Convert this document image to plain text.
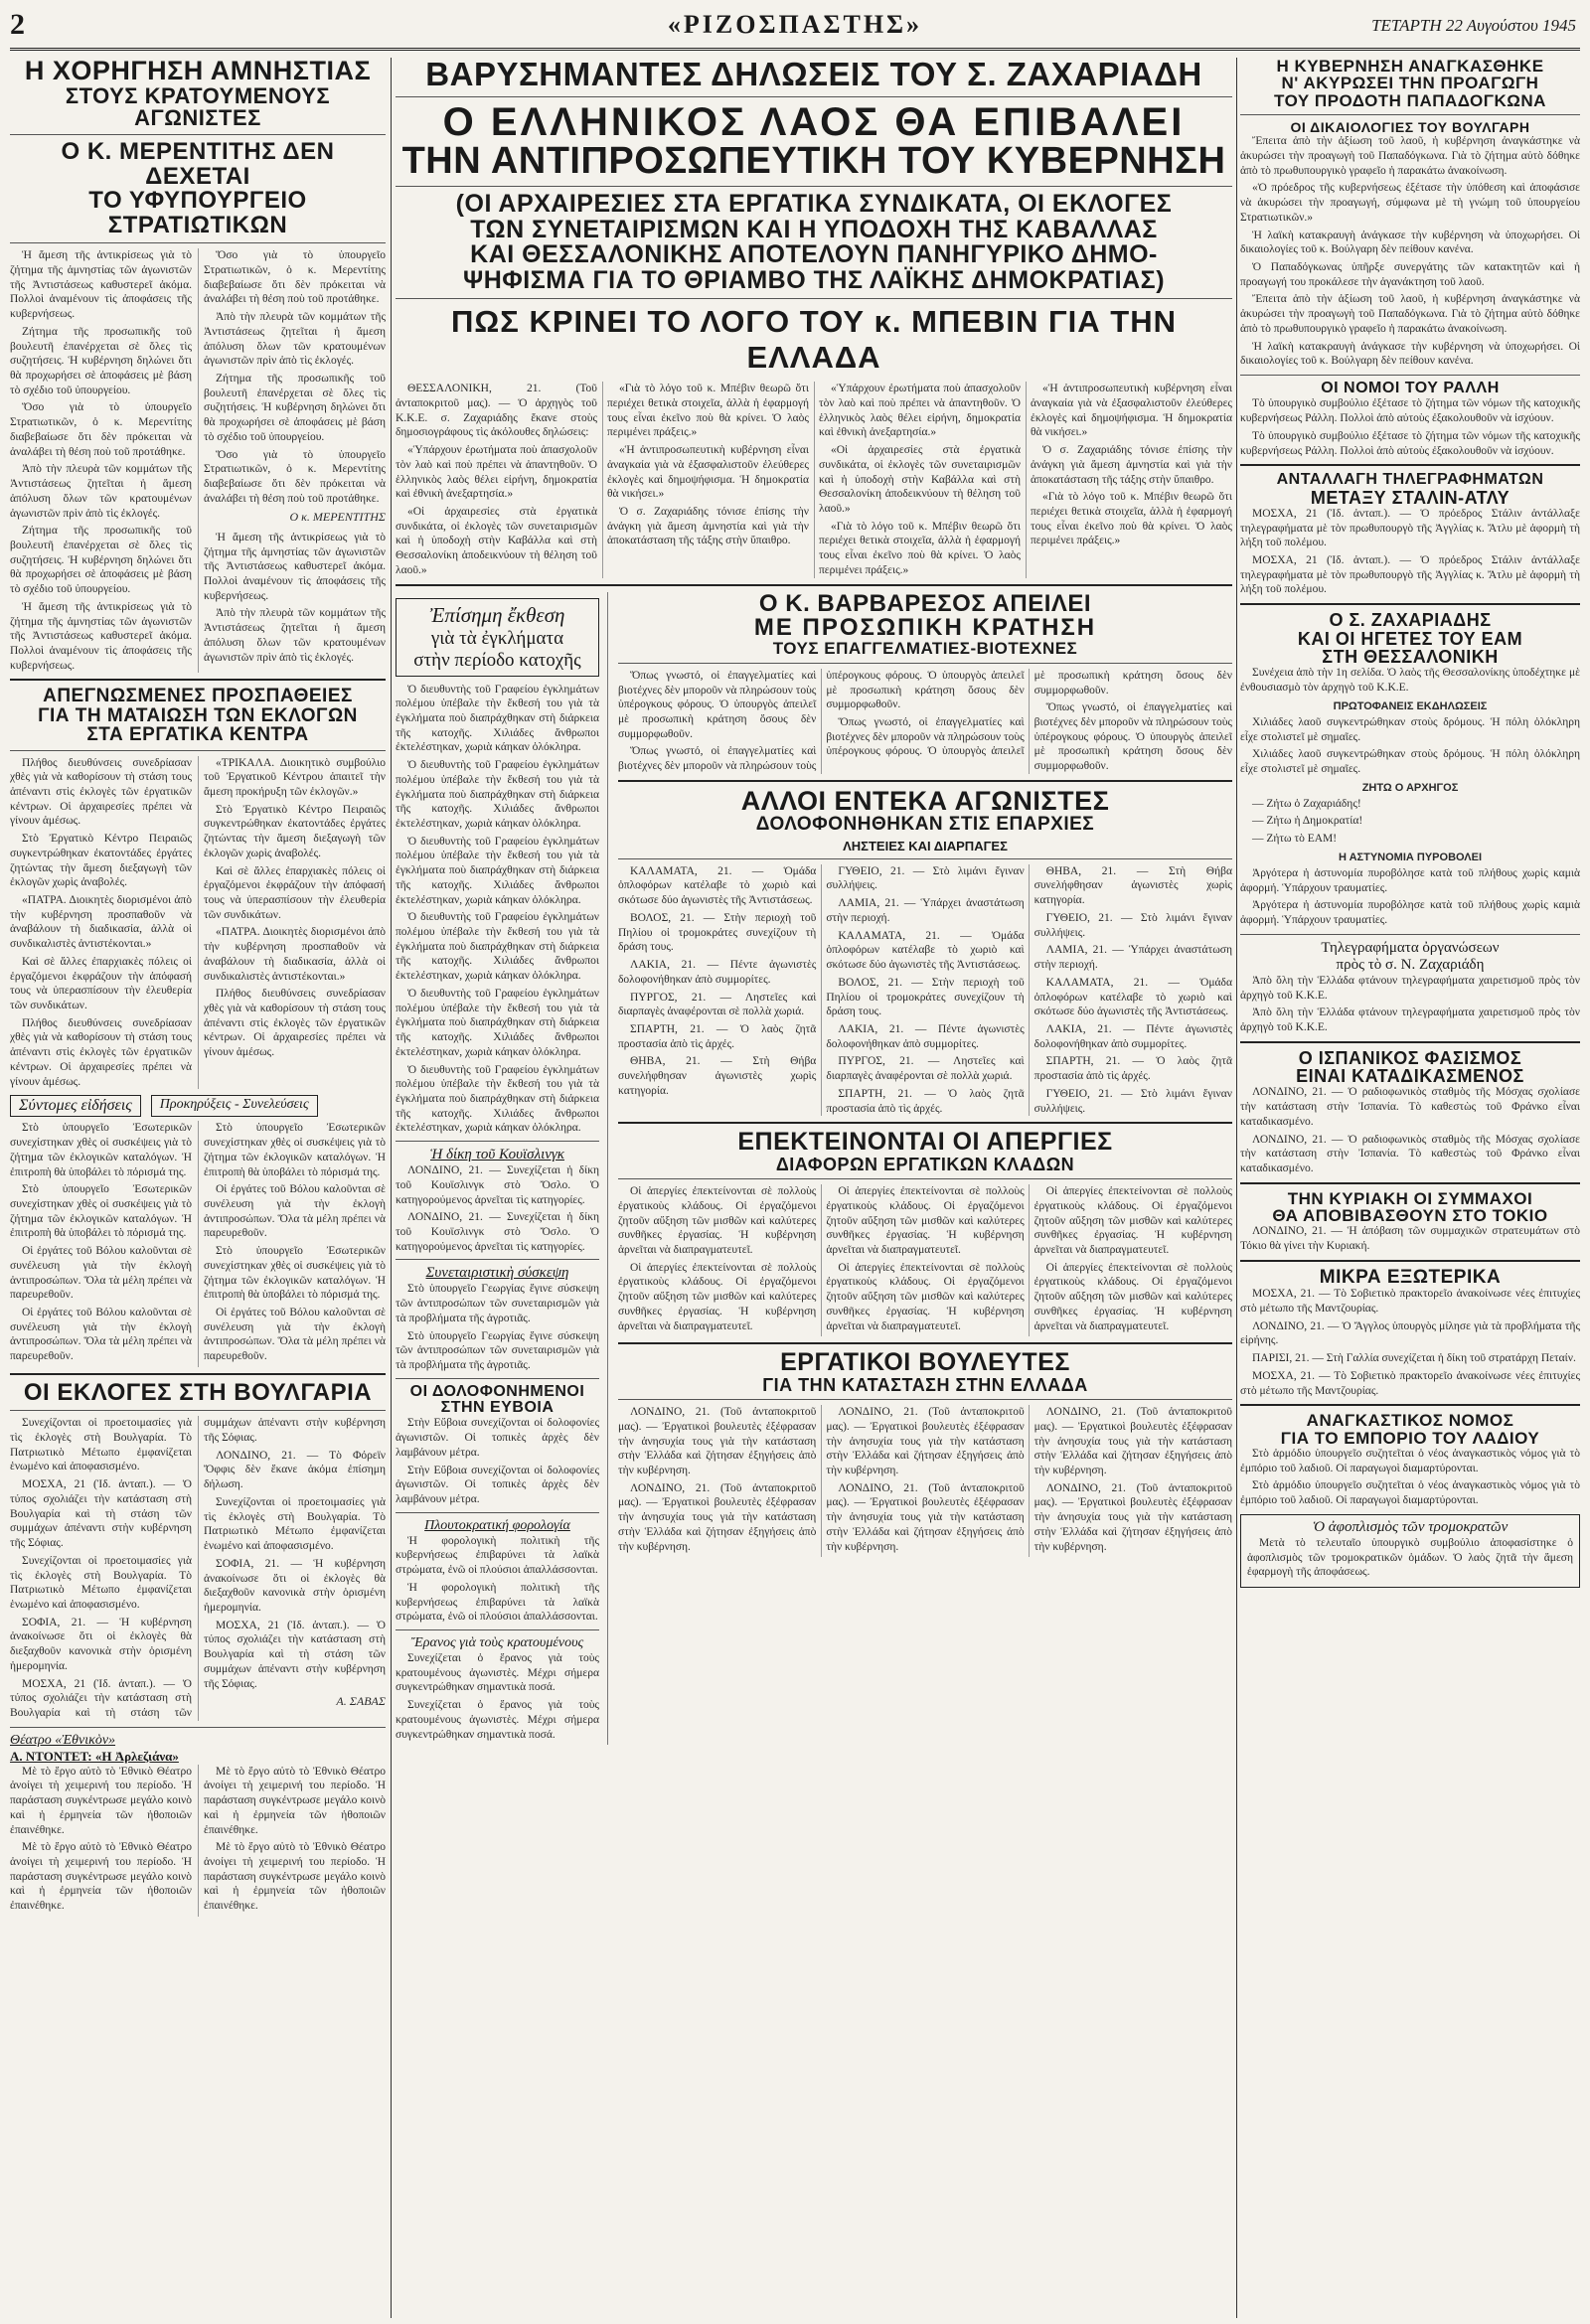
2	«ΡΙΖΟΣΠΑΣΤΗΣ»	ΤΕΤΑΡΤΗ 22 Αυγούστου 1945
Η ΧΟΡΗΓΗΣΗ ΑΜΝΗΣΤΙΑΣ
ΣΤΟΥΣ ΚΡΑΤΟΥΜΕΝΟΥΣ ΑΓΩΝΙΣΤΕΣ
Ο Κ. ΜΕΡΕΝΤΙΤΗΣ ΔΕΝ ΔΕΧΕΤΑΙ
ΤΟ ΥΦΥΠΟΥΡΓΕΙΟ ΣΤΡΑΤΙΩΤΙΚΩΝ

Ἡ ἄμεση τῆς ἀντικρίσεως γιὰ τὸ ζήτημα τῆς ἀμνηστίας τῶν ἀγωνιστῶν τῆς Ἀντιστάσεως καθυστερεῖ ἀκόμα. Πολλοὶ ἀναμένουν τὶς ἀποφάσεις τῆς κυβερνήσεως.

Ζήτημα τῆς προσωπικῆς τοῦ βουλευτῆ ἐπανέρχεται σὲ ὅλες τὶς συζητήσεις. Ἡ κυβέρνηση δηλώνει ὅτι θὰ προχωρήσει σὲ ἀποφάσεις μὲ βάση τὸ σχέδιο τοῦ ὑπουργείου.

Ὅσο γιὰ τὸ ὑπουργεῖο Στρατιωτικῶν, ὁ κ. Μερεντίτης διαβεβαίωσε ὅτι δὲν πρόκειται νὰ ἀναλάβει τὴ θέση ποὺ τοῦ προτάθηκε.

Ἀπὸ τὴν πλευρὰ τῶν κομμάτων τῆς Ἀντιστάσεως ζητεῖται ἡ ἄμεση ἀπόλυση ὅλων τῶν κρατουμένων ἀγωνιστῶν πρὶν ἀπὸ τὶς ἐκλογές.

Ζήτημα τῆς προσωπικῆς τοῦ βουλευτῆ ἐπανέρχεται σὲ ὅλες τὶς συζητήσεις. Ἡ κυβέρνηση δηλώνει ὅτι θὰ προχωρήσει σὲ ἀποφάσεις μὲ βάση τὸ σχέδιο τοῦ ὑπουργείου.

Ἡ ἄμεση τῆς ἀντικρίσεως γιὰ τὸ ζήτημα τῆς ἀμνηστίας τῶν ἀγωνιστῶν τῆς Ἀντιστάσεως καθυστερεῖ ἀκόμα. Πολλοὶ ἀναμένουν τὶς ἀποφάσεις τῆς κυβερνήσεως.

Ὅσο γιὰ τὸ ὑπουργεῖο Στρατιωτικῶν, ὁ κ. Μερεντίτης διαβεβαίωσε ὅτι δὲν πρόκειται νὰ ἀναλάβει τὴ θέση ποὺ τοῦ προτάθηκε.

Ἀπὸ τὴν πλευρὰ τῶν κομμάτων τῆς Ἀντιστάσεως ζητεῖται ἡ ἄμεση ἀπόλυση ὅλων τῶν κρατουμένων ἀγωνιστῶν πρὶν ἀπὸ τὶς ἐκλογές.

Ζήτημα τῆς προσωπικῆς τοῦ βουλευτῆ ἐπανέρχεται σὲ ὅλες τὶς συζητήσεις. Ἡ κυβέρνηση δηλώνει ὅτι θὰ προχωρήσει σὲ ἀποφάσεις μὲ βάση τὸ σχέδιο τοῦ ὑπουργείου.

Ὅσο γιὰ τὸ ὑπουργεῖο Στρατιωτικῶν, ὁ κ. Μερεντίτης διαβεβαίωσε ὅτι δὲν πρόκειται νὰ ἀναλάβει τὴ θέση ποὺ τοῦ προτάθηκε.

Ο κ. ΜΕΡΕΝΤΙΤΗΣ

Ἡ ἄμεση τῆς ἀντικρίσεως γιὰ τὸ ζήτημα τῆς ἀμνηστίας τῶν ἀγωνιστῶν τῆς Ἀντιστάσεως καθυστερεῖ ἀκόμα. Πολλοὶ ἀναμένουν τὶς ἀποφάσεις τῆς κυβερνήσεως.

Ἀπὸ τὴν πλευρὰ τῶν κομμάτων τῆς Ἀντιστάσεως ζητεῖται ἡ ἄμεση ἀπόλυση ὅλων τῶν κρατουμένων ἀγωνιστῶν πρὶν ἀπὸ τὶς ἐκλογές.

ΑΠΕΓΝΩΣΜΕΝΕΣ ΠΡΟΣΠΑΘΕΙΕΣ
ΓΙΑ ΤΗ ΜΑΤΑΙΩΣΗ ΤΩΝ ΕΚΛΟΓΩΝ
ΣΤΑ ΕΡΓΑΤΙΚΑ ΚΕΝΤΡΑ

Πλήθος διευθύνσεις συνεδρίασαν χθὲς γιὰ νὰ καθορίσουν τὴ στάση τους ἀπέναντι στὶς ἐκλογὲς τῶν ἐργατικῶν κέντρων. Οἱ ἀρχαιρεσίες πρέπει νὰ γίνουν ἀμέσως.

Στὸ Ἐργατικὸ Κέντρο Πειραιῶς συγκεντρώθηκαν ἐκατοντάδες ἐργάτες ζητώντας τὴν ἄμεση διεξαγωγὴ τῶν ἐκλογῶν χωρὶς ἀναβολές.

«ΠΑΤΡΑ. Διοικητὲς διορισμένοι ἀπὸ τὴν κυβέρνηση προσπαθοῦν νὰ ἀναβάλουν τὴ διαδικασία, ἀλλὰ οἱ συνδικαλιστὲς ἀντιστέκονται.»

Καὶ σὲ ἄλλες ἐπαρχιακὲς πόλεις οἱ ἐργαζόμενοι ἐκφράζουν τὴν ἀπόφασή τους νὰ ὑπερασπίσουν τὴν ἐλευθερία τῶν συνδικάτων.

Πλήθος διευθύνσεις συνεδρίασαν χθὲς γιὰ νὰ καθορίσουν τὴ στάση τους ἀπέναντι στὶς ἐκλογὲς τῶν ἐργατικῶν κέντρων. Οἱ ἀρχαιρεσίες πρέπει νὰ γίνουν ἀμέσως.

«ΤΡΙΚΑΛΑ. Διοικητικὸ συμβούλιο τοῦ Ἐργατικοῦ Κέντρου ἀπαιτεῖ τὴν ἄμεση προκήρυξη τῶν ἐκλογῶν.»

Στὸ Ἐργατικὸ Κέντρο Πειραιῶς συγκεντρώθηκαν ἐκατοντάδες ἐργάτες ζητώντας τὴν ἄμεση διεξαγωγὴ τῶν ἐκλογῶν χωρὶς ἀναβολές.

Καὶ σὲ ἄλλες ἐπαρχιακὲς πόλεις οἱ ἐργαζόμενοι ἐκφράζουν τὴν ἀπόφασή τους νὰ ὑπερασπίσουν τὴν ἐλευθερία τῶν συνδικάτων.

«ΠΑΤΡΑ. Διοικητὲς διορισμένοι ἀπὸ τὴν κυβέρνηση προσπαθοῦν νὰ ἀναβάλουν τὴ διαδικασία, ἀλλὰ οἱ συνδικαλιστὲς ἀντιστέκονται.»

Πλήθος διευθύνσεις συνεδρίασαν χθὲς γιὰ νὰ καθορίσουν τὴ στάση τους ἀπέναντι στὶς ἐκλογὲς τῶν ἐργατικῶν κέντρων. Οἱ ἀρχαιρεσίες πρέπει νὰ γίνουν ἀμέσως.

Σύντομες εἰδήσεις	Προκηρύξεις - Συνελεύσεις

Στὸ ὑπουργεῖο Ἐσωτερικῶν συνεχίστηκαν χθὲς οἱ συσκέψεις γιὰ τὸ ζήτημα τῶν ἐκλογικῶν καταλόγων. Ἡ ἐπιτροπὴ θὰ ὑποβάλει τὸ πόρισμά της.

Στὸ ὑπουργεῖο Ἐσωτερικῶν συνεχίστηκαν χθὲς οἱ συσκέψεις γιὰ τὸ ζήτημα τῶν ἐκλογικῶν καταλόγων. Ἡ ἐπιτροπὴ θὰ ὑποβάλει τὸ πόρισμά της.

Οἱ ἐργάτες τοῦ Βόλου καλοῦνται σὲ συνέλευση γιὰ τὴν ἐκλογὴ ἀντιπροσώπων. Ὅλα τὰ μέλη πρέπει νὰ παρευρεθοῦν.

Οἱ ἐργάτες τοῦ Βόλου καλοῦνται σὲ συνέλευση γιὰ τὴν ἐκλογὴ ἀντιπροσώπων. Ὅλα τὰ μέλη πρέπει νὰ παρευρεθοῦν.

Στὸ ὑπουργεῖο Ἐσωτερικῶν συνεχίστηκαν χθὲς οἱ συσκέψεις γιὰ τὸ ζήτημα τῶν ἐκλογικῶν καταλόγων. Ἡ ἐπιτροπὴ θὰ ὑποβάλει τὸ πόρισμά της.

Οἱ ἐργάτες τοῦ Βόλου καλοῦνται σὲ συνέλευση γιὰ τὴν ἐκλογὴ ἀντιπροσώπων. Ὅλα τὰ μέλη πρέπει νὰ παρευρεθοῦν.

Στὸ ὑπουργεῖο Ἐσωτερικῶν συνεχίστηκαν χθὲς οἱ συσκέψεις γιὰ τὸ ζήτημα τῶν ἐκλογικῶν καταλόγων. Ἡ ἐπιτροπὴ θὰ ὑποβάλει τὸ πόρισμά της.

Οἱ ἐργάτες τοῦ Βόλου καλοῦνται σὲ συνέλευση γιὰ τὴν ἐκλογὴ ἀντιπροσώπων. Ὅλα τὰ μέλη πρέπει νὰ παρευρεθοῦν.

ΟΙ ΕΚΛΟΓΕΣ ΣΤΗ ΒΟΥΛΓΑΡΙΑ

Συνεχίζονται οἱ προετοιμασίες γιὰ τὶς ἐκλογὲς στὴ Βουλγαρία. Τὸ Πατριωτικὸ Μέτωπο ἐμφανίζεται ἑνωμένο καὶ ἀποφασισμένο.

ΜΟΣΧΑ, 21 (Ἰδ. ἀνταπ.). — Ὁ τύπος σχολιάζει τὴν κατάσταση στὴ Βουλγαρία καὶ τὴ στάση τῶν συμμάχων ἀπέναντι στὴν κυβέρνηση τῆς Σόφιας.

Συνεχίζονται οἱ προετοιμασίες γιὰ τὶς ἐκλογὲς στὴ Βουλγαρία. Τὸ Πατριωτικὸ Μέτωπο ἐμφανίζεται ἑνωμένο καὶ ἀποφασισμένο.

ΣΟΦΙΑ, 21. — Ἡ κυβέρνηση ἀνακοίνωσε ὅτι οἱ ἐκλογὲς θὰ διεξαχθοῦν κανονικὰ στὴν ὁρισμένη ἡμερομηνία.

ΜΟΣΧΑ, 21 (Ἰδ. ἀνταπ.). — Ὁ τύπος σχολιάζει τὴν κατάσταση στὴ Βουλγαρία καὶ τὴ στάση τῶν συμμάχων ἀπέναντι στὴν κυβέρνηση τῆς Σόφιας.

ΛΟΝΔΙΝΟ, 21. — Τὸ Φόρεϊν Ὄφφις δὲν ἔκανε ἀκόμα ἐπίσημη δήλωση.

Συνεχίζονται οἱ προετοιμασίες γιὰ τὶς ἐκλογὲς στὴ Βουλγαρία. Τὸ Πατριωτικὸ Μέτωπο ἐμφανίζεται ἑνωμένο καὶ ἀποφασισμένο.

ΣΟΦΙΑ, 21. — Ἡ κυβέρνηση ἀνακοίνωσε ὅτι οἱ ἐκλογὲς θὰ διεξαχθοῦν κανονικὰ στὴν ὁρισμένη ἡμερομηνία.

ΜΟΣΧΑ, 21 (Ἰδ. ἀνταπ.). — Ὁ τύπος σχολιάζει τὴν κατάσταση στὴ Βουλγαρία καὶ τὴ στάση τῶν συμμάχων ἀπέναντι στὴν κυβέρνηση τῆς Σόφιας.

Α. ΣΑΒΑΣ
Θέατρο «Ἐθνικὸν»
Α. ΝΤΟΝΤΕΤ: «Η Ἀρλεζιάνα»

Μὲ τὸ ἔργο αὐτὸ τὸ Ἐθνικὸ Θέατρο ἀνοίγει τὴ χειμερινή του περίοδο. Ἡ παράσταση συγκέντρωσε μεγάλο κοινὸ καὶ ἡ ἐρμηνεία τῶν ἠθοποιῶν ἐπαινέθηκε.

Μὲ τὸ ἔργο αὐτὸ τὸ Ἐθνικὸ Θέατρο ἀνοίγει τὴ χειμερινή του περίοδο. Ἡ παράσταση συγκέντρωσε μεγάλο κοινὸ καὶ ἡ ἐρμηνεία τῶν ἠθοποιῶν ἐπαινέθηκε.

Μὲ τὸ ἔργο αὐτὸ τὸ Ἐθνικὸ Θέατρο ἀνοίγει τὴ χειμερινή του περίοδο. Ἡ παράσταση συγκέντρωσε μεγάλο κοινὸ καὶ ἡ ἐρμηνεία τῶν ἠθοποιῶν ἐπαινέθηκε.

Μὲ τὸ ἔργο αὐτὸ τὸ Ἐθνικὸ Θέατρο ἀνοίγει τὴ χειμερινή του περίοδο. Ἡ παράσταση συγκέντρωσε μεγάλο κοινὸ καὶ ἡ ἐρμηνεία τῶν ἠθοποιῶν ἐπαινέθηκε.

ΒΑΡΥΣΗΜΑΝΤΕΣ ΔΗΛΩΣΕΙΣ ΤΟΥ Σ. ΖΑΧΑΡΙΑΔΗ
Ο ΕΛΛΗΝΙΚΟΣ ΛΑΟΣ ΘΑ ΕΠΙΒΑΛΕΙ
ΤΗΝ ΑΝΤΙΠΡΟΣΩΠΕΥΤΙΚΗ ΤΟΥ ΚΥΒΕΡΝΗΣΗ
(ΟΙ ΑΡΧΑΙΡΕΣΙΕΣ ΣΤΑ ΕΡΓΑΤΙΚΑ ΣΥΝΔΙΚΑΤΑ, ΟΙ ΕΚΛΟΓΕΣ
ΤΩΝ ΣΥΝΕΤΑΙΡΙΣΜΩΝ ΚΑΙ Η ΥΠΟΔΟΧΗ ΤΗΣ ΚΑΒΑΛΛΑΣ
ΚΑΙ ΘΕΣΣΑΛΟΝΙΚΗΣ ΑΠΟΤΕΛΟΥΝ ΠΑΝΗΓΥΡΙΚΟ ΔΗΜΟ-
ΨΗΦΙΣΜΑ ΓΙΑ ΤΟ ΘΡΙΑΜΒΟ ΤΗΣ ΛΑΪΚΗΣ ΔΗΜΟΚΡΑΤΙΑΣ)
ΠΩΣ ΚΡΙΝΕΙ ΤΟ ΛΟΓΟ ΤΟΥ κ. ΜΠΕΒΙΝ ΓΙΑ ΤΗΝ ΕΛΛΑΔΑ

ΘΕΣΣΑΛΟΝΙΚΗ, 21. (Τοῦ ἀνταποκριτοῦ μας). — Ὁ ἀρχηγὸς τοῦ Κ.Κ.Ε. σ. Ζαχαριάδης ἔκανε στοὺς δημοσιογράφους τὶς ἀκόλουθες δηλώσεις:

«Ὑπάρχουν ἐρωτήματα ποὺ ἀπασχολοῦν τὸν λαὸ καὶ ποὺ πρέπει νὰ ἀπαντηθοῦν. Ὁ ἑλληνικὸς λαὸς θέλει εἰρήνη, δημοκρατία καὶ ἐθνικὴ ἀνεξαρτησία.»

«Οἱ ἀρχαιρεσίες στὰ ἐργατικὰ συνδικάτα, οἱ ἐκλογὲς τῶν συνεταιρισμῶν καὶ ἡ ὑποδοχὴ στὴν Καβάλλα καὶ στὴ Θεσσαλονίκη ἀποδεικνύουν τὴ θέληση τοῦ λαοῦ.»

«Γιὰ τὸ λόγο τοῦ κ. Μπέβιν θεωρῶ ὅτι περιέχει θετικὰ στοιχεῖα, ἀλλὰ ἡ ἐφαρμογή τους εἶναι ἐκεῖνο ποὺ θὰ κρίνει. Ὁ λαὸς περιμένει πράξεις.»

«Ἡ ἀντιπροσωπευτικὴ κυβέρνηση εἶναι ἀναγκαία γιὰ νὰ ἐξασφαλιστοῦν ἐλεύθερες ἐκλογὲς καὶ δημοψήφισμα. Ἡ δημοκρατία θὰ νικήσει.»

Ὁ σ. Ζαχαριάδης τόνισε ἐπίσης τὴν ἀνάγκη γιὰ ἄμεση ἀμνηστία καὶ γιὰ τὴν ἀποκατάσταση τῆς τάξης στὴν ὕπαιθρο.

«Ὑπάρχουν ἐρωτήματα ποὺ ἀπασχολοῦν τὸν λαὸ καὶ ποὺ πρέπει νὰ ἀπαντηθοῦν. Ὁ ἑλληνικὸς λαὸς θέλει εἰρήνη, δημοκρατία καὶ ἐθνικὴ ἀνεξαρτησία.»

«Οἱ ἀρχαιρεσίες στὰ ἐργατικὰ συνδικάτα, οἱ ἐκλογὲς τῶν συνεταιρισμῶν καὶ ἡ ὑποδοχὴ στὴν Καβάλλα καὶ στὴ Θεσσαλονίκη ἀποδεικνύουν τὴ θέληση τοῦ λαοῦ.»

«Γιὰ τὸ λόγο τοῦ κ. Μπέβιν θεωρῶ ὅτι περιέχει θετικὰ στοιχεῖα, ἀλλὰ ἡ ἐφαρμογή τους εἶναι ἐκεῖνο ποὺ θὰ κρίνει. Ὁ λαὸς περιμένει πράξεις.»

«Ἡ ἀντιπροσωπευτικὴ κυβέρνηση εἶναι ἀναγκαία γιὰ νὰ ἐξασφαλιστοῦν ἐλεύθερες ἐκλογὲς καὶ δημοψήφισμα. Ἡ δημοκρατία θὰ νικήσει.»

Ὁ σ. Ζαχαριάδης τόνισε ἐπίσης τὴν ἀνάγκη γιὰ ἄμεση ἀμνηστία καὶ γιὰ τὴν ἀποκατάσταση τῆς τάξης στὴν ὕπαιθρο.

«Γιὰ τὸ λόγο τοῦ κ. Μπέβιν θεωρῶ ὅτι περιέχει θετικὰ στοιχεῖα, ἀλλὰ ἡ ἐφαρμογή τους εἶναι ἐκεῖνο ποὺ θὰ κρίνει. Ὁ λαὸς περιμένει πράξεις.»

Ἐπίσημη ἔκθεση
γιὰ τὰ ἐγκλήματα
στὴν περίοδο κατοχῆς

Ὁ διευθυντὴς τοῦ Γραφείου ἐγκλημάτων πολέμου ὑπέβαλε τὴν ἔκθεσή του γιὰ τὰ ἐγκλήματα ποὺ διαπράχθηκαν στὴ διάρκεια τῆς κατοχῆς. Χιλιάδες ἄνθρωποι ἐκτελέστηκαν, χωριὰ κάηκαν ὁλόκληρα.

Ὁ διευθυντὴς τοῦ Γραφείου ἐγκλημάτων πολέμου ὑπέβαλε τὴν ἔκθεσή του γιὰ τὰ ἐγκλήματα ποὺ διαπράχθηκαν στὴ διάρκεια τῆς κατοχῆς. Χιλιάδες ἄνθρωποι ἐκτελέστηκαν, χωριὰ κάηκαν ὁλόκληρα.

Ὁ διευθυντὴς τοῦ Γραφείου ἐγκλημάτων πολέμου ὑπέβαλε τὴν ἔκθεσή του γιὰ τὰ ἐγκλήματα ποὺ διαπράχθηκαν στὴ διάρκεια τῆς κατοχῆς. Χιλιάδες ἄνθρωποι ἐκτελέστηκαν, χωριὰ κάηκαν ὁλόκληρα.

Ὁ διευθυντὴς τοῦ Γραφείου ἐγκλημάτων πολέμου ὑπέβαλε τὴν ἔκθεσή του γιὰ τὰ ἐγκλήματα ποὺ διαπράχθηκαν στὴ διάρκεια τῆς κατοχῆς. Χιλιάδες ἄνθρωποι ἐκτελέστηκαν, χωριὰ κάηκαν ὁλόκληρα.

Ὁ διευθυντὴς τοῦ Γραφείου ἐγκλημάτων πολέμου ὑπέβαλε τὴν ἔκθεσή του γιὰ τὰ ἐγκλήματα ποὺ διαπράχθηκαν στὴ διάρκεια τῆς κατοχῆς. Χιλιάδες ἄνθρωποι ἐκτελέστηκαν, χωριὰ κάηκαν ὁλόκληρα.

Ὁ διευθυντὴς τοῦ Γραφείου ἐγκλημάτων πολέμου ὑπέβαλε τὴν ἔκθεσή του γιὰ τὰ ἐγκλήματα ποὺ διαπράχθηκαν στὴ διάρκεια τῆς κατοχῆς. Χιλιάδες ἄνθρωποι ἐκτελέστηκαν, χωριὰ κάηκαν ὁλόκληρα.

Ἡ δίκη τοῦ Κουϊσλινγκ

ΛΟΝΔΙΝΟ, 21. — Συνεχίζεται ἡ δίκη τοῦ Κουϊσλινγκ στὸ Ὄσλο. Ὁ κατηγορούμενος ἀρνεῖται τὶς κατηγορίες.

ΛΟΝΔΙΝΟ, 21. — Συνεχίζεται ἡ δίκη τοῦ Κουϊσλινγκ στὸ Ὄσλο. Ὁ κατηγορούμενος ἀρνεῖται τὶς κατηγορίες.

Συνεταιριστικὴ σύσκεψη

Στὸ ὑπουργεῖο Γεωργίας ἔγινε σύσκεψη τῶν ἀντιπροσώπων τῶν συνεταιρισμῶν γιὰ τὰ προβλήματα τῆς ἀγροτιᾶς.

Στὸ ὑπουργεῖο Γεωργίας ἔγινε σύσκεψη τῶν ἀντιπροσώπων τῶν συνεταιρισμῶν γιὰ τὰ προβλήματα τῆς ἀγροτιᾶς.

ΟΙ ΔΟΛΟΦΟΝΗΜΕΝΟΙ
ΣΤΗΝ ΕΥΒΟΙΑ

Στὴν Εὔβοια συνεχίζονται οἱ δολοφονίες ἀγωνιστῶν. Οἱ τοπικὲς ἀρχὲς δὲν λαμβάνουν μέτρα.

Στὴν Εὔβοια συνεχίζονται οἱ δολοφονίες ἀγωνιστῶν. Οἱ τοπικὲς ἀρχὲς δὲν λαμβάνουν μέτρα.

Πλουτοκρατική φορολογία

Ἡ φορολογικὴ πολιτικὴ τῆς κυβερνήσεως ἐπιβαρύνει τὰ λαϊκὰ στρώματα, ἐνῶ οἱ πλούσιοι ἀπαλλάσσονται.

Ἡ φορολογικὴ πολιτικὴ τῆς κυβερνήσεως ἐπιβαρύνει τὰ λαϊκὰ στρώματα, ἐνῶ οἱ πλούσιοι ἀπαλλάσσονται.

Ἔρανος γιὰ τοὺς κρατουμένους

Συνεχίζεται ὁ ἔρανος γιὰ τοὺς κρατουμένους ἀγωνιστὲς. Μέχρι σήμερα συγκεντρώθηκαν σημαντικὰ ποσά.

Συνεχίζεται ὁ ἔρανος γιὰ τοὺς κρατουμένους ἀγωνιστὲς. Μέχρι σήμερα συγκεντρώθηκαν σημαντικὰ ποσά.

Ο Κ. ΒΑΡΒΑΡΕΣΟΣ ΑΠΕΙΛΕΙ
ΜΕ ΠΡΟΣΩΠΙΚΗ ΚΡΑΤΗΣΗ
ΤΟΥΣ ΕΠΑΓΓΕΛΜΑΤΙΕΣ-ΒΙΟΤΕΧΝΕΣ

Ὅπως γνωστό, οἱ ἐπαγγελματίες καὶ βιοτέχνες δὲν μποροῦν νὰ πληρώσουν τοὺς ὑπέρογκους φόρους. Ὁ ὑπουργὸς ἀπειλεῖ μὲ προσωπικὴ κράτηση ὅσους δὲν συμμορφωθοῦν.

Ὅπως γνωστό, οἱ ἐπαγγελματίες καὶ βιοτέχνες δὲν μποροῦν νὰ πληρώσουν τοὺς ὑπέρογκους φόρους. Ὁ ὑπουργὸς ἀπειλεῖ μὲ προσωπικὴ κράτηση ὅσους δὲν συμμορφωθοῦν.

Ὅπως γνωστό, οἱ ἐπαγγελματίες καὶ βιοτέχνες δὲν μποροῦν νὰ πληρώσουν τοὺς ὑπέρογκους φόρους. Ὁ ὑπουργὸς ἀπειλεῖ μὲ προσωπικὴ κράτηση ὅσους δὲν συμμορφωθοῦν.

Ὅπως γνωστό, οἱ ἐπαγγελματίες καὶ βιοτέχνες δὲν μποροῦν νὰ πληρώσουν τοὺς ὑπέρογκους φόρους. Ὁ ὑπουργὸς ἀπειλεῖ μὲ προσωπικὴ κράτηση ὅσους δὲν συμμορφωθοῦν.

ΑΛΛΟΙ ΕΝΤΕΚΑ ΑΓΩΝΙΣΤΕΣ
ΔΟΛΟΦΟΝΗΘΗΚΑΝ ΣΤΙΣ ΕΠΑΡΧΙΕΣ
ΛΗΣΤΕΙΕΣ ΚΑΙ ΔΙΑΡΠΑΓΕΣ

ΚΑΛΑΜΑΤΑ, 21. — Ὁμάδα ὁπλοφόρων κατέλαβε τὸ χωριὸ καὶ σκότωσε δύο ἀγωνιστὲς τῆς Ἀντιστάσεως.

ΒΟΛΟΣ, 21. — Στὴν περιοχὴ τοῦ Πηλίου οἱ τρομοκράτες συνεχίζουν τὴ δράση τους.

ΛΑΚΙΑ, 21. — Πέντε ἀγωνιστὲς δολοφονήθηκαν ἀπὸ συμμορίτες.

ΠΥΡΓΟΣ, 21. — Ληστεῖες καὶ διαρπαγὲς ἀναφέρονται σὲ πολλὰ χωριά.

ΣΠΑΡΤΗ, 21. — Ὁ λαὸς ζητᾶ προστασία ἀπὸ τὶς ἀρχές.

ΘΗΒΑ, 21. — Στὴ Θήβα συνελήφθησαν ἀγωνιστὲς χωρὶς κατηγορία.

ΓΥΘΕΙΟ, 21. — Στὸ λιμάνι ἔγιναν συλλήψεις.

ΛΑΜΙΑ, 21. — Ὑπάρχει ἀναστάτωση στὴν περιοχή.

ΚΑΛΑΜΑΤΑ, 21. — Ὁμάδα ὁπλοφόρων κατέλαβε τὸ χωριὸ καὶ σκότωσε δύο ἀγωνιστὲς τῆς Ἀντιστάσεως.

ΒΟΛΟΣ, 21. — Στὴν περιοχὴ τοῦ Πηλίου οἱ τρομοκράτες συνεχίζουν τὴ δράση τους.

ΛΑΚΙΑ, 21. — Πέντε ἀγωνιστὲς δολοφονήθηκαν ἀπὸ συμμορίτες.

ΠΥΡΓΟΣ, 21. — Ληστεῖες καὶ διαρπαγὲς ἀναφέρονται σὲ πολλὰ χωριά.

ΣΠΑΡΤΗ, 21. — Ὁ λαὸς ζητᾶ προστασία ἀπὸ τὶς ἀρχές.

ΘΗΒΑ, 21. — Στὴ Θήβα συνελήφθησαν ἀγωνιστὲς χωρὶς κατηγορία.

ΓΥΘΕΙΟ, 21. — Στὸ λιμάνι ἔγιναν συλλήψεις.

ΛΑΜΙΑ, 21. — Ὑπάρχει ἀναστάτωση στὴν περιοχή.

ΚΑΛΑΜΑΤΑ, 21. — Ὁμάδα ὁπλοφόρων κατέλαβε τὸ χωριὸ καὶ σκότωσε δύο ἀγωνιστὲς τῆς Ἀντιστάσεως.

ΛΑΚΙΑ, 21. — Πέντε ἀγωνιστὲς δολοφονήθηκαν ἀπὸ συμμορίτες.

ΣΠΑΡΤΗ, 21. — Ὁ λαὸς ζητᾶ προστασία ἀπὸ τὶς ἀρχές.

ΓΥΘΕΙΟ, 21. — Στὸ λιμάνι ἔγιναν συλλήψεις.

ΕΠΕΚΤΕΙΝΟΝΤΑΙ ΟΙ ΑΠΕΡΓΙΕΣ
ΔΙΑΦΟΡΩΝ ΕΡΓΑΤΙΚΩΝ ΚΛΑΔΩΝ

Οἱ ἀπεργίες ἐπεκτείνονται σὲ πολλοὺς ἐργατικοὺς κλάδους. Οἱ ἐργαζόμενοι ζητοῦν αὔξηση τῶν μισθῶν καὶ καλύτερες συνθῆκες ἐργασίας. Ἡ κυβέρνηση ἀρνεῖται νὰ διαπραγματευτεῖ.

Οἱ ἀπεργίες ἐπεκτείνονται σὲ πολλοὺς ἐργατικοὺς κλάδους. Οἱ ἐργαζόμενοι ζητοῦν αὔξηση τῶν μισθῶν καὶ καλύτερες συνθῆκες ἐργασίας. Ἡ κυβέρνηση ἀρνεῖται νὰ διαπραγματευτεῖ.

Οἱ ἀπεργίες ἐπεκτείνονται σὲ πολλοὺς ἐργατικοὺς κλάδους. Οἱ ἐργαζόμενοι ζητοῦν αὔξηση τῶν μισθῶν καὶ καλύτερες συνθῆκες ἐργασίας. Ἡ κυβέρνηση ἀρνεῖται νὰ διαπραγματευτεῖ.

Οἱ ἀπεργίες ἐπεκτείνονται σὲ πολλοὺς ἐργατικοὺς κλάδους. Οἱ ἐργαζόμενοι ζητοῦν αὔξηση τῶν μισθῶν καὶ καλύτερες συνθῆκες ἐργασίας. Ἡ κυβέρνηση ἀρνεῖται νὰ διαπραγματευτεῖ.

Οἱ ἀπεργίες ἐπεκτείνονται σὲ πολλοὺς ἐργατικοὺς κλάδους. Οἱ ἐργαζόμενοι ζητοῦν αὔξηση τῶν μισθῶν καὶ καλύτερες συνθῆκες ἐργασίας. Ἡ κυβέρνηση ἀρνεῖται νὰ διαπραγματευτεῖ.

Οἱ ἀπεργίες ἐπεκτείνονται σὲ πολλοὺς ἐργατικοὺς κλάδους. Οἱ ἐργαζόμενοι ζητοῦν αὔξηση τῶν μισθῶν καὶ καλύτερες συνθῆκες ἐργασίας. Ἡ κυβέρνηση ἀρνεῖται νὰ διαπραγματευτεῖ.

ΕΡΓΑΤΙΚΟΙ ΒΟΥΛΕΥΤΕΣ
ΓΙΑ ΤΗΝ ΚΑΤΑΣΤΑΣΗ ΣΤΗΝ ΕΛΛΑΔΑ

ΛΟΝΔΙΝΟ, 21. (Τοῦ ἀνταποκριτοῦ μας). — Ἐργατικοὶ βουλευτὲς ἐξέφρασαν τὴν ἀνησυχία τους γιὰ τὴν κατάσταση στὴν Ἑλλάδα καὶ ζήτησαν ἐξηγήσεις ἀπὸ τὴν κυβέρνηση.

ΛΟΝΔΙΝΟ, 21. (Τοῦ ἀνταποκριτοῦ μας). — Ἐργατικοὶ βουλευτὲς ἐξέφρασαν τὴν ἀνησυχία τους γιὰ τὴν κατάσταση στὴν Ἑλλάδα καὶ ζήτησαν ἐξηγήσεις ἀπὸ τὴν κυβέρνηση.

ΛΟΝΔΙΝΟ, 21. (Τοῦ ἀνταποκριτοῦ μας). — Ἐργατικοὶ βουλευτὲς ἐξέφρασαν τὴν ἀνησυχία τους γιὰ τὴν κατάσταση στὴν Ἑλλάδα καὶ ζήτησαν ἐξηγήσεις ἀπὸ τὴν κυβέρνηση.

ΛΟΝΔΙΝΟ, 21. (Τοῦ ἀνταποκριτοῦ μας). — Ἐργατικοὶ βουλευτὲς ἐξέφρασαν τὴν ἀνησυχία τους γιὰ τὴν κατάσταση στὴν Ἑλλάδα καὶ ζήτησαν ἐξηγήσεις ἀπὸ τὴν κυβέρνηση.

ΛΟΝΔΙΝΟ, 21. (Τοῦ ἀνταποκριτοῦ μας). — Ἐργατικοὶ βουλευτὲς ἐξέφρασαν τὴν ἀνησυχία τους γιὰ τὴν κατάσταση στὴν Ἑλλάδα καὶ ζήτησαν ἐξηγήσεις ἀπὸ τὴν κυβέρνηση.

ΛΟΝΔΙΝΟ, 21. (Τοῦ ἀνταποκριτοῦ μας). — Ἐργατικοὶ βουλευτὲς ἐξέφρασαν τὴν ἀνησυχία τους γιὰ τὴν κατάσταση στὴν Ἑλλάδα καὶ ζήτησαν ἐξηγήσεις ἀπὸ τὴν κυβέρνηση.

Η ΚΥΒΕΡΝΗΣΗ ΑΝΑΓΚΑΣΘΗΚΕ
Ν' ΑΚΥΡΩΣΕΙ ΤΗΝ ΠΡΟΑΓΩΓΗ
ΤΟΥ ΠΡΟΔΟΤΗ ΠΑΠΑΔΟΓΚΩΝΑ
ΟΙ ΔΙΚΑΙΟΛΟΓΙΕΣ ΤΟΥ ΒΟΥΛΓΑΡΗ

Ἔπειτα ἀπὸ τὴν ἀξίωση τοῦ λαοῦ, ἡ κυβέρνηση ἀναγκάστηκε νὰ ἀκυρώσει τὴν προαγωγὴ τοῦ Παπαδόγκωνα. Γιὰ τὸ ζήτημα αὐτὸ δόθηκε ἀπὸ τὸ πρωθυπουργικὸ γραφεῖο ἡ παρακάτω ἀνακοίνωση.

«Ὁ πρόεδρος τῆς κυβερνήσεως ἐξέτασε τὴν ὑπόθεση καὶ ἀποφάσισε νὰ ἀκυρώσει τὴν προαγωγή, σύμφωνα μὲ τὴ γνώμη τοῦ ὑπουργείου Στρατιωτικῶν.»

Ἡ λαϊκὴ κατακραυγὴ ἀνάγκασε τὴν κυβέρνηση νὰ ὑποχωρήσει. Οἱ δικαιολογίες τοῦ κ. Βούλγαρη δὲν πείθουν κανένα.

Ὁ Παπαδόγκωνας ὑπῆρξε συνεργάτης τῶν κατακτητῶν καὶ ἡ προαγωγή του προκάλεσε τὴν ἀγανάκτηση τοῦ λαοῦ.

Ἔπειτα ἀπὸ τὴν ἀξίωση τοῦ λαοῦ, ἡ κυβέρνηση ἀναγκάστηκε νὰ ἀκυρώσει τὴν προαγωγὴ τοῦ Παπαδόγκωνα. Γιὰ τὸ ζήτημα αὐτὸ δόθηκε ἀπὸ τὸ πρωθυπουργικὸ γραφεῖο ἡ παρακάτω ἀνακοίνωση.

Ἡ λαϊκὴ κατακραυγὴ ἀνάγκασε τὴν κυβέρνηση νὰ ὑποχωρήσει. Οἱ δικαιολογίες τοῦ κ. Βούλγαρη δὲν πείθουν κανένα.

ΟΙ ΝΟΜΟΙ ΤΟΥ ΡΑΛΛΗ

Τὸ ὑπουργικὸ συμβούλιο ἐξέτασε τὸ ζήτημα τῶν νόμων τῆς κατοχικῆς κυβερνήσεως Ράλλη. Πολλοὶ ἀπὸ αὐτοὺς ἐξακολουθοῦν νὰ ἰσχύουν.

Τὸ ὑπουργικὸ συμβούλιο ἐξέτασε τὸ ζήτημα τῶν νόμων τῆς κατοχικῆς κυβερνήσεως Ράλλη. Πολλοὶ ἀπὸ αὐτοὺς ἐξακολουθοῦν νὰ ἰσχύουν.

ΑΝΤΑΛΛΑΓΗ ΤΗΛΕΓΡΑΦΗΜΑΤΩΝ
ΜΕΤΑΞΥ ΣΤΑΛΙΝ-ΑΤΛΥ

ΜΟΣΧΑ, 21 (Ἰδ. ἀνταπ.). — Ὁ πρόεδρος Στάλιν ἀντάλλαξε τηλεγραφήματα μὲ τὸν πρωθυπουργὸ τῆς Ἀγγλίας κ. Ἄτλυ μὲ ἀφορμὴ τὴ λήξη τοῦ πολέμου.

ΜΟΣΧΑ, 21 (Ἰδ. ἀνταπ.). — Ὁ πρόεδρος Στάλιν ἀντάλλαξε τηλεγραφήματα μὲ τὸν πρωθυπουργὸ τῆς Ἀγγλίας κ. Ἄτλυ μὲ ἀφορμὴ τὴ λήξη τοῦ πολέμου.

Ο Σ. ΖΑΧΑΡΙΑΔΗΣ
ΚΑΙ ΟΙ ΗΓΕΤΕΣ ΤΟΥ ΕΑΜ
ΣΤΗ ΘΕΣΣΑΛΟΝΙΚΗ

Συνέχεια ἀπὸ τὴν 1η σελίδα. Ὁ λαὸς τῆς Θεσσαλονίκης ὑποδέχτηκε μὲ ἐνθουσιασμὸ τὸν ἀρχηγὸ τοῦ Κ.Κ.Ε.

ΠΡΩΤΟΦΑΝΕΙΣ ΕΚΔΗΛΩΣΕΙΣ

Χιλιάδες λαοῦ συγκεντρώθηκαν στοὺς δρόμους. Ἡ πόλη ὁλόκληρη εἶχε στολιστεῖ μὲ σημαῖες.

Χιλιάδες λαοῦ συγκεντρώθηκαν στοὺς δρόμους. Ἡ πόλη ὁλόκληρη εἶχε στολιστεῖ μὲ σημαῖες.

ΖΗΤΩ Ο ΑΡΧΗΓΟΣ

— Ζήτω ὁ Ζαχαριάδης!

— Ζήτω ἡ Δημοκρατία!

— Ζήτω τὸ ΕΑΜ!

Η ΑΣΤΥΝΟΜΙΑ ΠΥΡΟΒΟΛΕΙ

Ἀργότερα ἡ ἀστυνομία πυροβόλησε κατὰ τοῦ πλήθους χωρὶς καμιὰ ἀφορμή. Ὑπάρχουν τραυματίες.

Ἀργότερα ἡ ἀστυνομία πυροβόλησε κατὰ τοῦ πλήθους χωρὶς καμιὰ ἀφορμή. Ὑπάρχουν τραυματίες.

Τηλεγραφήματα ὀργανώσεων
πρὸς τὸ σ. Ν. Ζαχαριάδη

Ἀπὸ ὅλη τὴν Ἑλλάδα φτάνουν τηλεγραφήματα χαιρετισμοῦ πρὸς τὸν ἀρχηγὸ τοῦ Κ.Κ.Ε.

Ἀπὸ ὅλη τὴν Ἑλλάδα φτάνουν τηλεγραφήματα χαιρετισμοῦ πρὸς τὸν ἀρχηγὸ τοῦ Κ.Κ.Ε.

Ο ΙΣΠΑΝΙΚΟΣ ΦΑΣΙΣΜΟΣ
ΕΙΝΑΙ ΚΑΤΑΔΙΚΑΣΜΕΝΟΣ

ΛΟΝΔΙΝΟ, 21. — Ὁ ραδιοφωνικὸς σταθμὸς τῆς Μόσχας σχολίασε τὴν κατάσταση στὴν Ἰσπανία. Τὸ καθεστὼς τοῦ Φράνκο εἶναι καταδικασμένο.

ΛΟΝΔΙΝΟ, 21. — Ὁ ραδιοφωνικὸς σταθμὸς τῆς Μόσχας σχολίασε τὴν κατάσταση στὴν Ἰσπανία. Τὸ καθεστὼς τοῦ Φράνκο εἶναι καταδικασμένο.

ΤΗΝ ΚΥΡΙΑΚΗ ΟΙ ΣΥΜΜΑΧΟΙ
ΘΑ ΑΠΟΒΙΒΑΣΘΟΥΝ ΣΤΟ ΤΟΚΙΟ

ΛΟΝΔΙΝΟ, 21. — Ἡ ἀπόβαση τῶν συμμαχικῶν στρατευμάτων στὸ Τόκιο θὰ γίνει τὴν Κυριακή.

ΜΙΚΡΑ ΕΞΩΤΕΡΙΚΑ

ΜΟΣΧΑ, 21. — Τὸ Σοβιετικὸ πρακτορεῖο ἀνακοίνωσε νέες ἐπιτυχίες στὸ μέτωπο τῆς Μαντζουρίας.

ΛΟΝΔΙΝΟ, 21. — Ὁ Ἄγγλος ὑπουργὸς μίλησε γιὰ τὰ προβλήματα τῆς εἰρήνης.

ΠΑΡΙΣΙ, 21. — Στὴ Γαλλία συνεχίζεται ἡ δίκη τοῦ στρατάρχη Πεταίν.

ΜΟΣΧΑ, 21. — Τὸ Σοβιετικὸ πρακτορεῖο ἀνακοίνωσε νέες ἐπιτυχίες στὸ μέτωπο τῆς Μαντζουρίας.

ΑΝΑΓΚΑΣΤΙΚΟΣ ΝΟΜΟΣ
ΓΙΑ ΤΟ ΕΜΠΟΡΙΟ ΤΟΥ ΛΑΔΙΟΥ

Στὸ ἀρμόδιο ὑπουργεῖο συζητεῖται ὁ νέος ἀναγκαστικὸς νόμος γιὰ τὸ ἐμπόριο τοῦ λαδιοῦ. Οἱ παραγωγοὶ διαμαρτύρονται.

Στὸ ἀρμόδιο ὑπουργεῖο συζητεῖται ὁ νέος ἀναγκαστικὸς νόμος γιὰ τὸ ἐμπόριο τοῦ λαδιοῦ. Οἱ παραγωγοὶ διαμαρτύρονται.

Ὁ ἀφοπλισμὸς τῶν τρομοκρατῶν

Μετὰ τὸ τελευταῖο ὑπουργικὸ συμβούλιο ἀποφασίστηκε ὁ ἀφοπλισμὸς τῶν τρομοκρατικῶν ὁμάδων. Ὁ λαὸς ζητᾶ τὴν ἄμεση ἐφαρμογὴ τῆς ἀποφάσεως.
